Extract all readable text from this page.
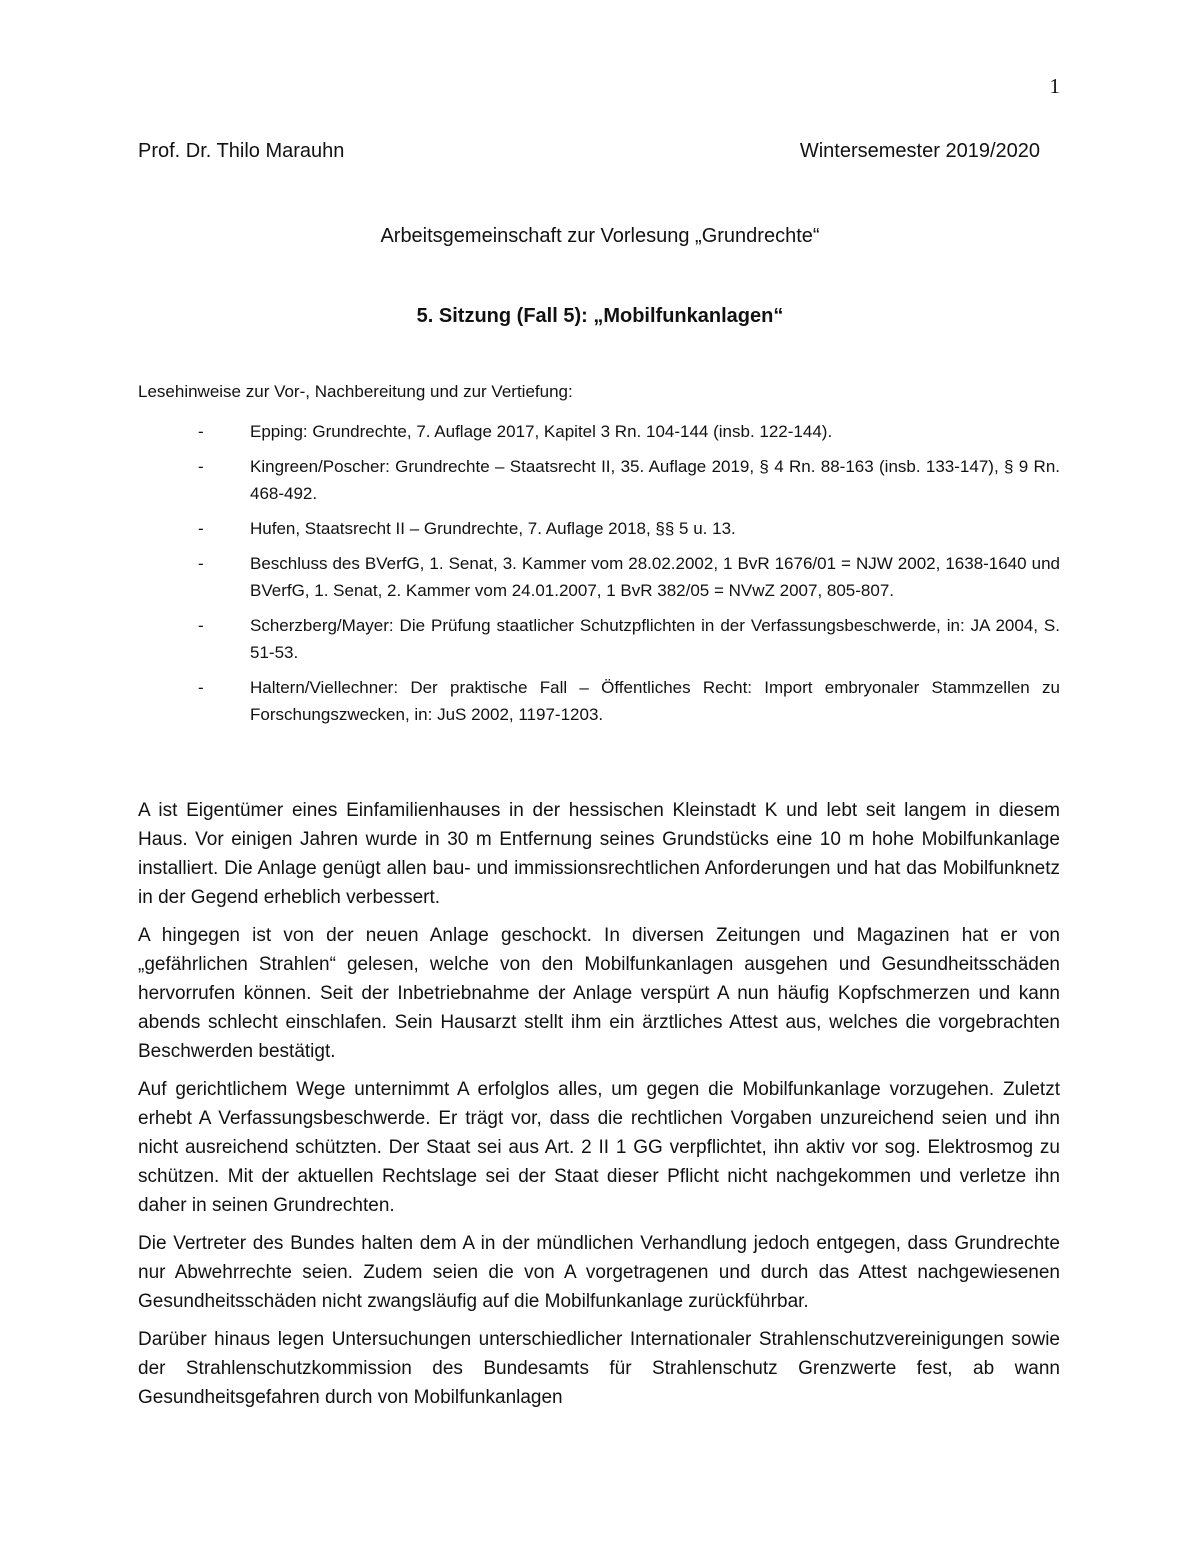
1
Prof. Dr. Thilo Marauhn	Wintersemester 2019/2020
Arbeitsgemeinschaft zur Vorlesung „Grundrechte“
5. Sitzung (Fall 5): „Mobilfunkanlagen“
Lesehinweise zur Vor-, Nachbereitung und zur Vertiefung:
-	Epping: Grundrechte, 7. Auflage 2017, Kapitel 3 Rn. 104-144 (insb. 122-144).
-	Kingreen/Poscher: Grundrechte – Staatsrecht II, 35. Auflage 2019, § 4 Rn. 88-163 (insb. 133-147), § 9 Rn. 468-492.
-	Hufen, Staatsrecht II – Grundrechte, 7. Auflage 2018, §§ 5 u. 13.
-	Beschluss des BVerfG, 1. Senat, 3. Kammer vom 28.02.2002, 1 BvR 1676/01 = NJW 2002, 1638-1640 und BVerfG, 1. Senat, 2. Kammer vom 24.01.2007, 1 BvR 382/05 = NVwZ 2007, 805-807.
-	Scherzberg/Mayer: Die Prüfung staatlicher Schutzpflichten in der Verfassungsbeschwerde, in: JA 2004, S. 51-53.
-	Haltern/Viellechner: Der praktische Fall – Öffentliches Recht: Import embryonaler Stammzellen zu Forschungszwecken, in: JuS 2002, 1197-1203.

A ist Eigentümer eines Einfamilienhauses in der hessischen Kleinstadt K und lebt seit langem in diesem Haus. Vor einigen Jahren wurde in 30 m Entfernung seines Grundstücks eine 10 m hohe Mobilfunkanlage installiert. Die Anlage genügt allen bau- und immissionsrechtlichen Anforderungen und hat das Mobilfunknetz in der Gegend erheblich verbessert.

A hingegen ist von der neuen Anlage geschockt. In diversen Zeitungen und Magazinen hat er von „gefährlichen Strahlen“ gelesen, welche von den Mobilfunkanlagen ausgehen und Gesundheitsschäden hervorrufen können. Seit der Inbetriebnahme der Anlage verspürt A nun häufig Kopfschmerzen und kann abends schlecht einschlafen. Sein Hausarzt stellt ihm ein ärztliches Attest aus, welches die vorgebrachten Beschwerden bestätigt.

Auf gerichtlichem Wege unternimmt A erfolglos alles, um gegen die Mobilfunkanlage vorzugehen. Zuletzt erhebt A Verfassungsbeschwerde. Er trägt vor, dass die rechtlichen Vorgaben unzureichend seien und ihn nicht ausreichend schützten. Der Staat sei aus Art. 2 II 1 GG verpflichtet, ihn aktiv vor sog. Elektrosmog zu schützen. Mit der aktuellen Rechtslage sei der Staat dieser Pflicht nicht nachgekommen und verletze ihn daher in seinen Grundrechten.

Die Vertreter des Bundes halten dem A in der mündlichen Verhandlung jedoch entgegen, dass Grundrechte nur Abwehrrechte seien. Zudem seien die von A vorgetragenen und durch das Attest nachgewiesenen Gesundheitsschäden nicht zwangsläufig auf die Mobilfunkanlage zurückführbar.

Darüber hinaus legen Untersuchungen unterschiedlicher Internationaler Strahlenschutzvereinigungen sowie der Strahlenschutzkommission des Bundesamts für Strahlenschutz Grenzwerte fest, ab wann Gesundheitsgefahren durch von Mobilfunkanlagen
